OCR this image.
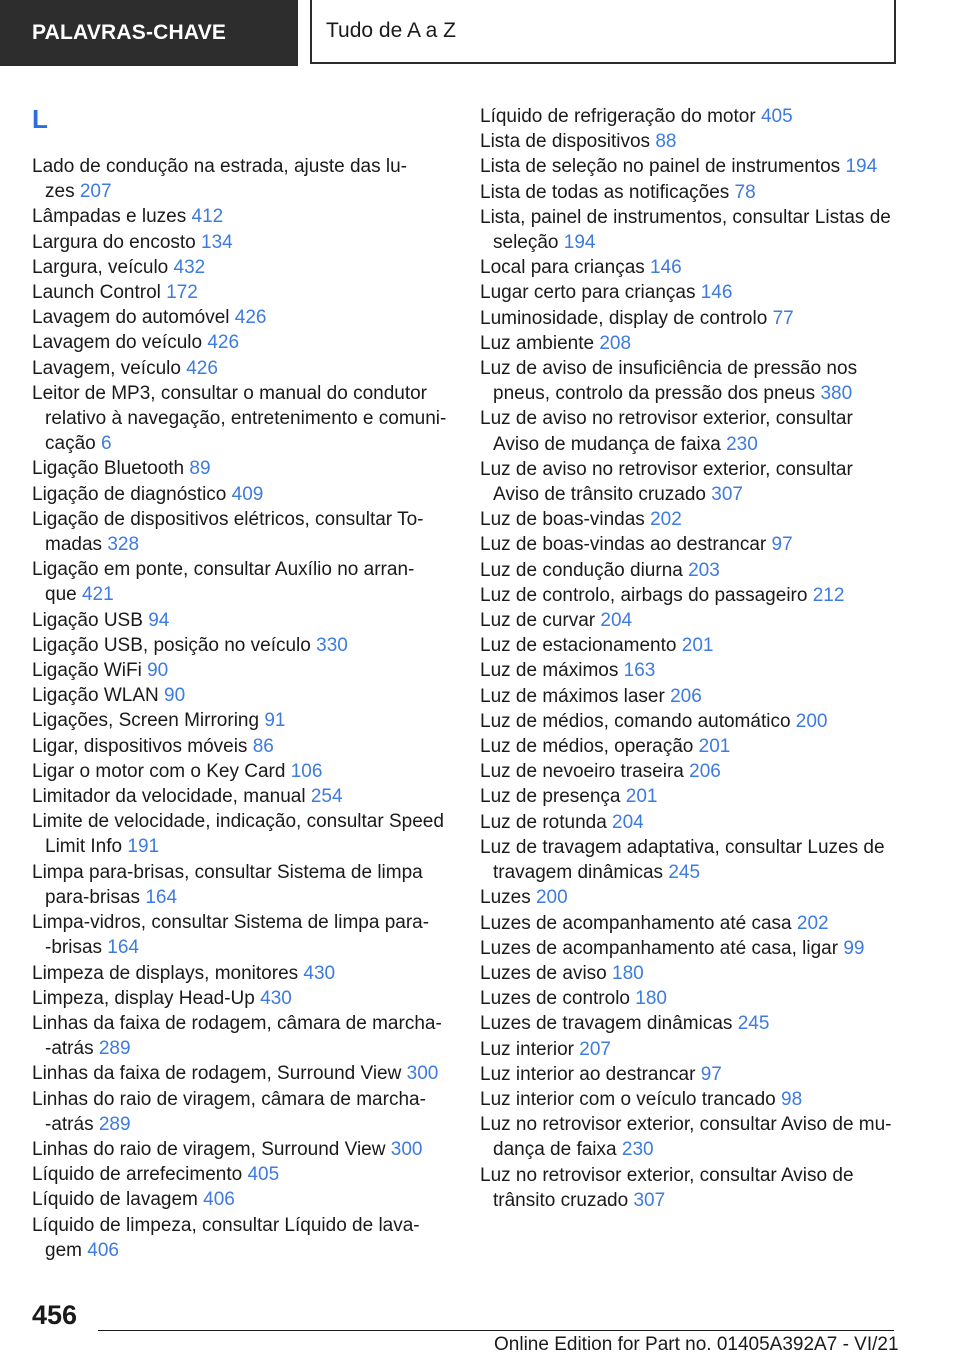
PALAVRAS-CHAVE	Tudo de A a Z
L
Lado de condução na estrada, ajuste das lu-
zes 207
Lâmpadas e luzes 412
Largura do encosto 134
Largura, veículo 432
Launch Control 172
Lavagem do automóvel 426
Lavagem do veículo 426
Lavagem, veículo 426
Leitor de MP3, consultar o manual do condutor
relativo à navegação, entretenimento e comuni-
cação 6
Ligação Bluetooth 89
Ligação de diagnóstico 409
Ligação de dispositivos elétricos, consultar To-
madas 328
Ligação em ponte, consultar Auxílio no arran-
que 421
Ligação USB 94
Ligação USB, posição no veículo 330
Ligação WiFi 90
Ligação WLAN 90
Ligações, Screen Mirroring 91
Ligar, dispositivos móveis 86
Ligar o motor com o Key Card 106
Limitador da velocidade, manual 254
Limite de velocidade, indicação, consultar Speed
Limit Info 191
Limpa para-brisas, consultar Sistema de limpa
para-brisas 164
Limpa-vidros, consultar Sistema de limpa para-
-brisas 164
Limpeza de displays, monitores 430
Limpeza, display Head-Up 430
Linhas da faixa de rodagem, câmara de marcha-
-atrás 289
Linhas da faixa de rodagem, Surround View 300
Linhas do raio de viragem, câmara de marcha-
-atrás 289
Linhas do raio de viragem, Surround View 300
Líquido de arrefecimento 405
Líquido de lavagem 406
Líquido de limpeza, consultar Líquido de lava-
gem 406
Líquido de refrigeração do motor 405
Lista de dispositivos 88
Lista de seleção no painel de instrumentos 194
Lista de todas as notificações 78
Lista, painel de instrumentos, consultar Listas de
seleção 194
Local para crianças 146
Lugar certo para crianças 146
Luminosidade, display de controlo 77
Luz ambiente 208
Luz de aviso de insuficiência de pressão nos
pneus, controlo da pressão dos pneus 380
Luz de aviso no retrovisor exterior, consultar
Aviso de mudança de faixa 230
Luz de aviso no retrovisor exterior, consultar
Aviso de trânsito cruzado 307
Luz de boas-vindas 202
Luz de boas-vindas ao destrancar 97
Luz de condução diurna 203
Luz de controlo, airbags do passageiro 212
Luz de curvar 204
Luz de estacionamento 201
Luz de máximos 163
Luz de máximos laser 206
Luz de médios, comando automático 200
Luz de médios, operação 201
Luz de nevoeiro traseira 206
Luz de presença 201
Luz de rotunda 204
Luz de travagem adaptativa, consultar Luzes de
travagem dinâmicas 245
Luzes 200
Luzes de acompanhamento até casa 202
Luzes de acompanhamento até casa, ligar 99
Luzes de aviso 180
Luzes de controlo 180
Luzes de travagem dinâmicas 245
Luz interior 207
Luz interior ao destrancar 97
Luz interior com o veículo trancado 98
Luz no retrovisor exterior, consultar Aviso de mu-
dança de faixa 230
Luz no retrovisor exterior, consultar Aviso de
trânsito cruzado 307
456
Online Edition for Part no. 01405A392A7 - VI/21
